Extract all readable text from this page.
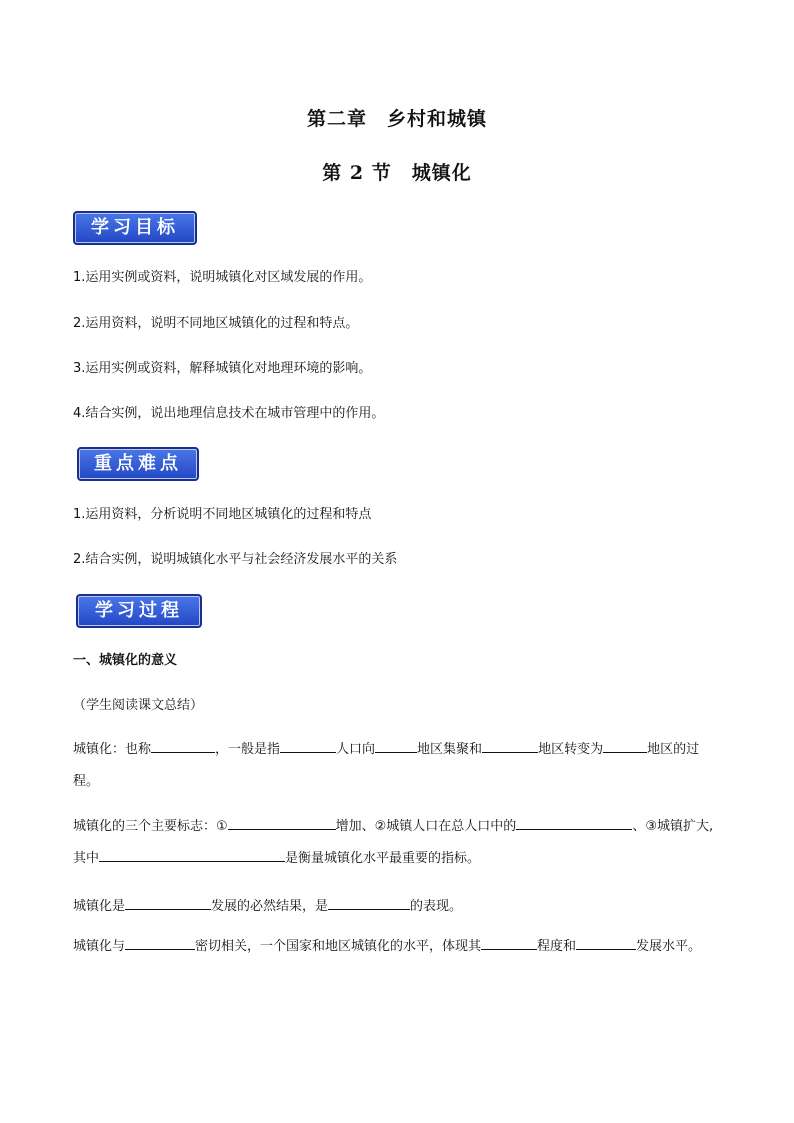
第二章　乡村和城镇
第 2 节　城镇化
学习目标
1.运用实例或资料，说明城镇化对区域发展的作用。
2.运用资料，说明不同地区城镇化的过程和特点。
3.运用实例或资料，解释城镇化对地理环境的影响。
4.结合实例，说出地理信息技术在城市管理中的作用。
重点难点
1.运用资料，分析说明不同地区城镇化的过程和特点
2.结合实例，说明城镇化水平与社会经济发展水平的关系
学习过程
一、城镇化的意义
（学生阅读课文总结）
城镇化：也称	，一般是指	人口向	地区集聚和	地区转变为	地区的过程。
城镇化的三个主要标志：①	增加、②城镇人口在总人口中的	、③城镇扩大, 其中	是衡量城镇化水平最重要的指标。
城镇化是	发展的必然结果，是	的表现。
城镇化与	密切相关，一个国家和地区城镇化的水平，体现其	程度和	发展水平。
